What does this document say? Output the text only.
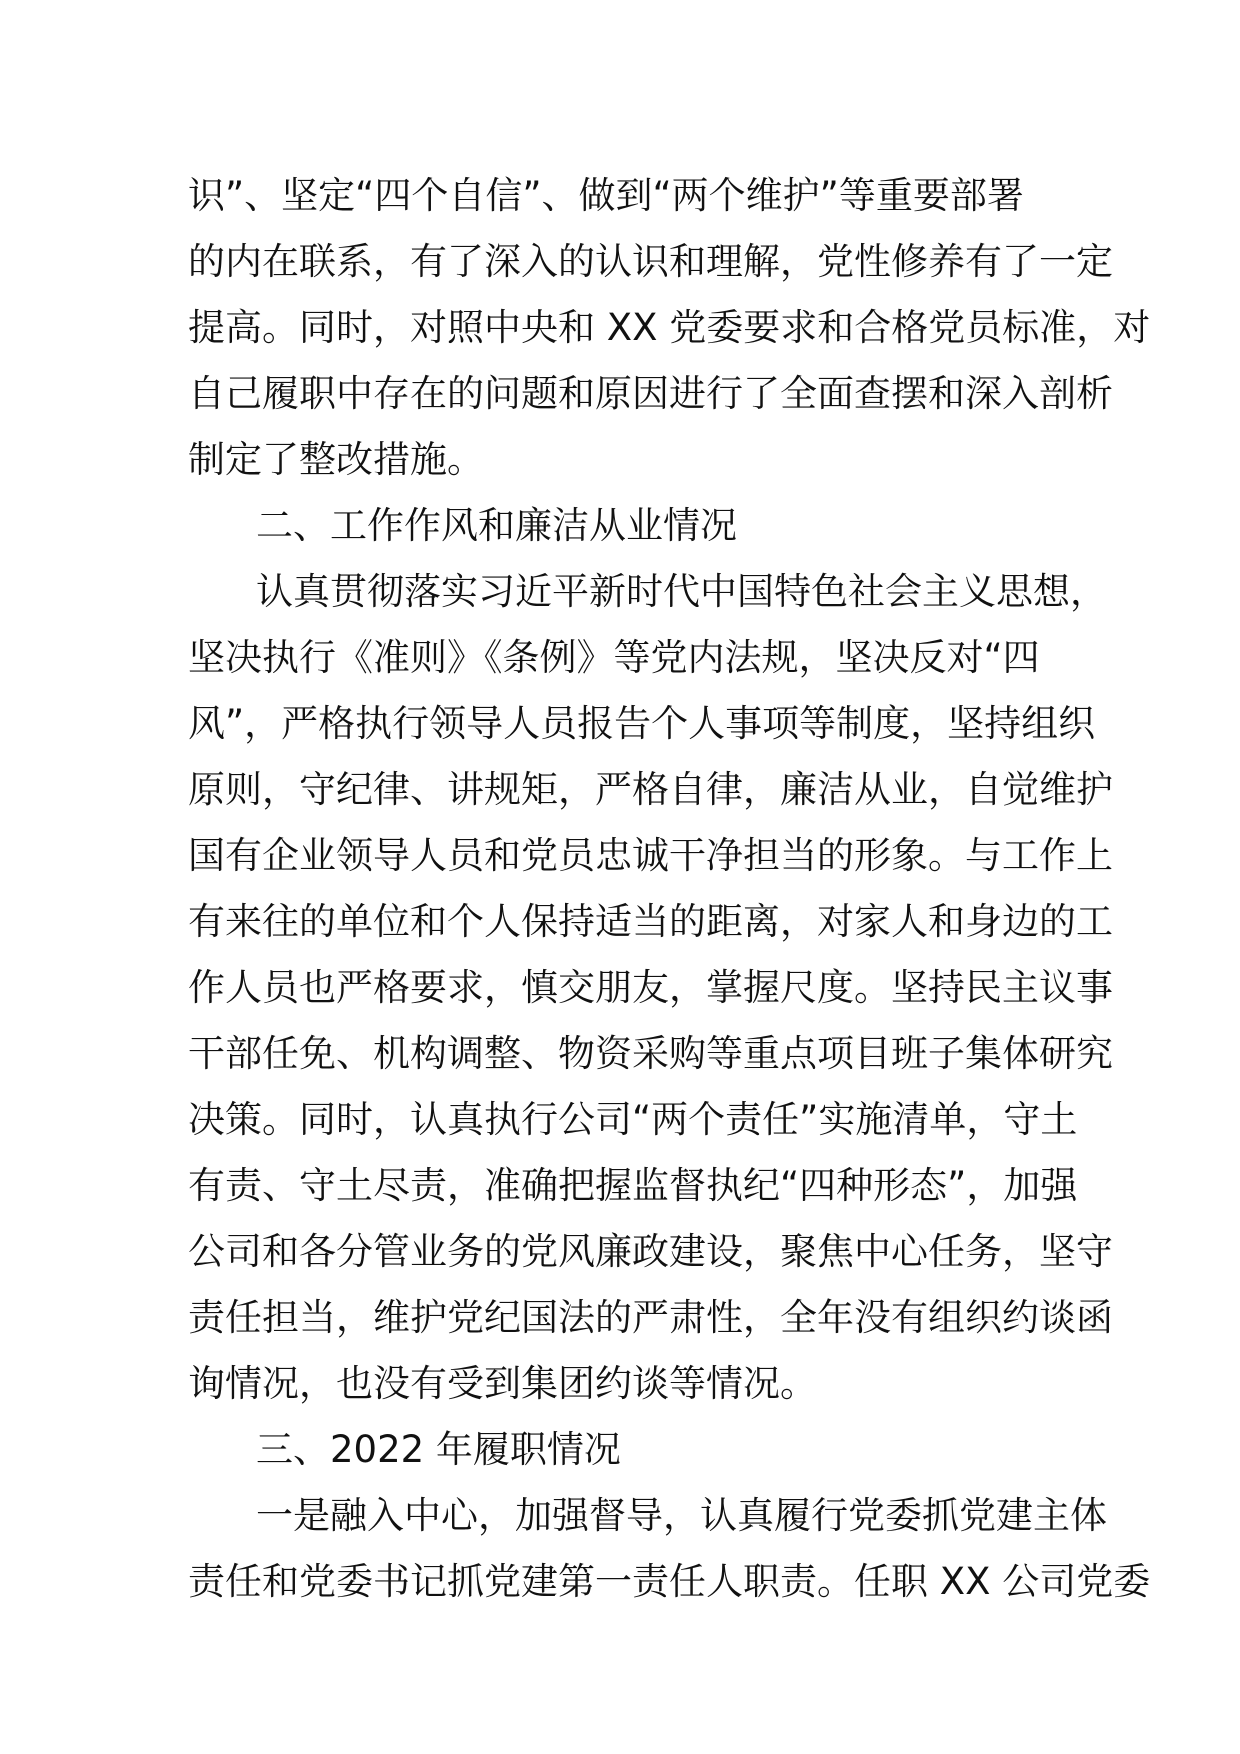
识”、坚定“四个自信”、做到“两个维护”等重要部署
的内在联系，有了深入的认识和理解，党性修养有了一定
提高。同时，对照中央和 XX 党委要求和合格党员标准，对
自己履职中存在的问题和原因进行了全面查摆和深入剖析
制定了整改措施。
二、工作作风和廉洁从业情况
认真贯彻落实习近平新时代中国特色社会主义思想，
坚决执行《准则》《条例》等党内法规，坚决反对“四
风”，严格执行领导人员报告个人事项等制度，坚持组织
原则，守纪律、讲规矩，严格自律，廉洁从业，自觉维护
国有企业领导人员和党员忠诚干净担当的形象。与工作上
有来往的单位和个人保持适当的距离，对家人和身边的工
作人员也严格要求，慎交朋友，掌握尺度。坚持民主议事
干部任免、机构调整、物资采购等重点项目班子集体研究
决策。同时，认真执行公司“两个责任”实施清单，守土
有责、守土尽责，准确把握监督执纪“四种形态”，加强
公司和各分管业务的党风廉政建设，聚焦中心任务，坚守
责任担当，维护党纪国法的严肃性，全年没有组织约谈函
询情况，也没有受到集团约谈等情况。
三、2022 年履职情况
一是融入中心，加强督导，认真履行党委抓党建主体
责任和党委书记抓党建第一责任人职责。任职 XX 公司党委
